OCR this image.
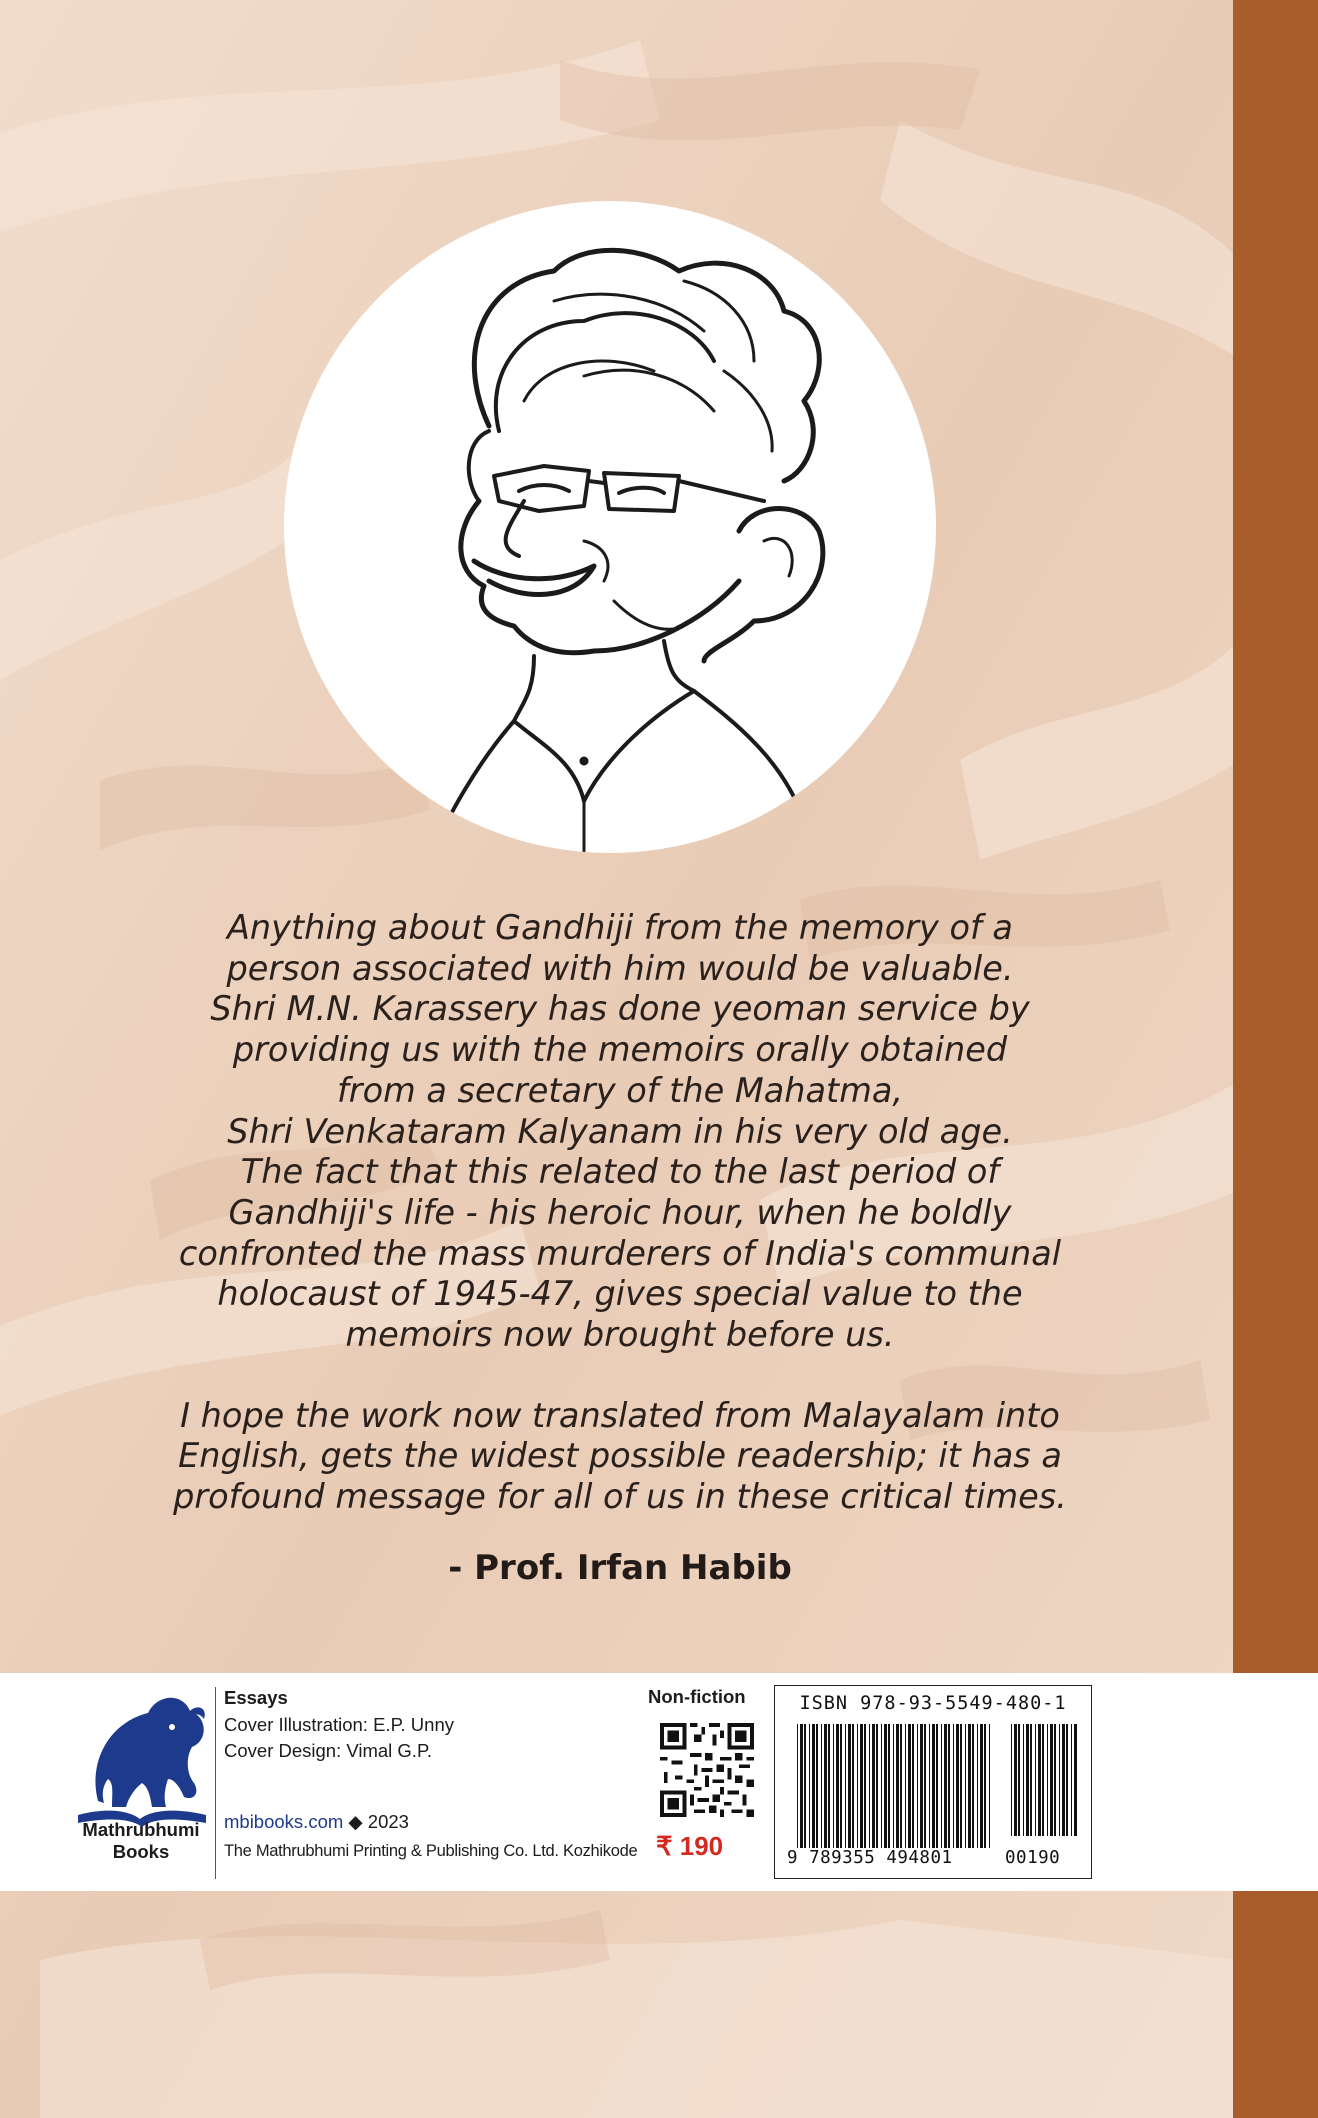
Anything about Gandhiji from the memory of a
person associated with him would be valuable.
Shri M.N. Karassery has done yeoman service by
providing us with the memoirs orally obtained
from a secretary of the Mahatma,
Shri Venkataram Kalyanam in his very old age.
The fact that this related to the last period of
Gandhiji's life - his heroic hour, when he boldly
confronted the mass murderers of India's communal
holocaust of 1945-47, gives special value to the
memoirs now brought before us.

I hope the work now translated from Malayalam into
English, gets the widest possible readership; it has a
profound message for all of us in these critical times.

- Prof. Irfan Habib
Mathrubhumi
Books
Essays
Cover Illustration: E.P. Unny
Cover Design: Vimal G.P.
mbibooks.com ◆ 2023
The Mathrubhumi Printing & Publishing Co. Ltd. Kozhikode
Non-fiction
₹ 190
ISBN 978-93-5549-480-1
9 789355 494801	00190
